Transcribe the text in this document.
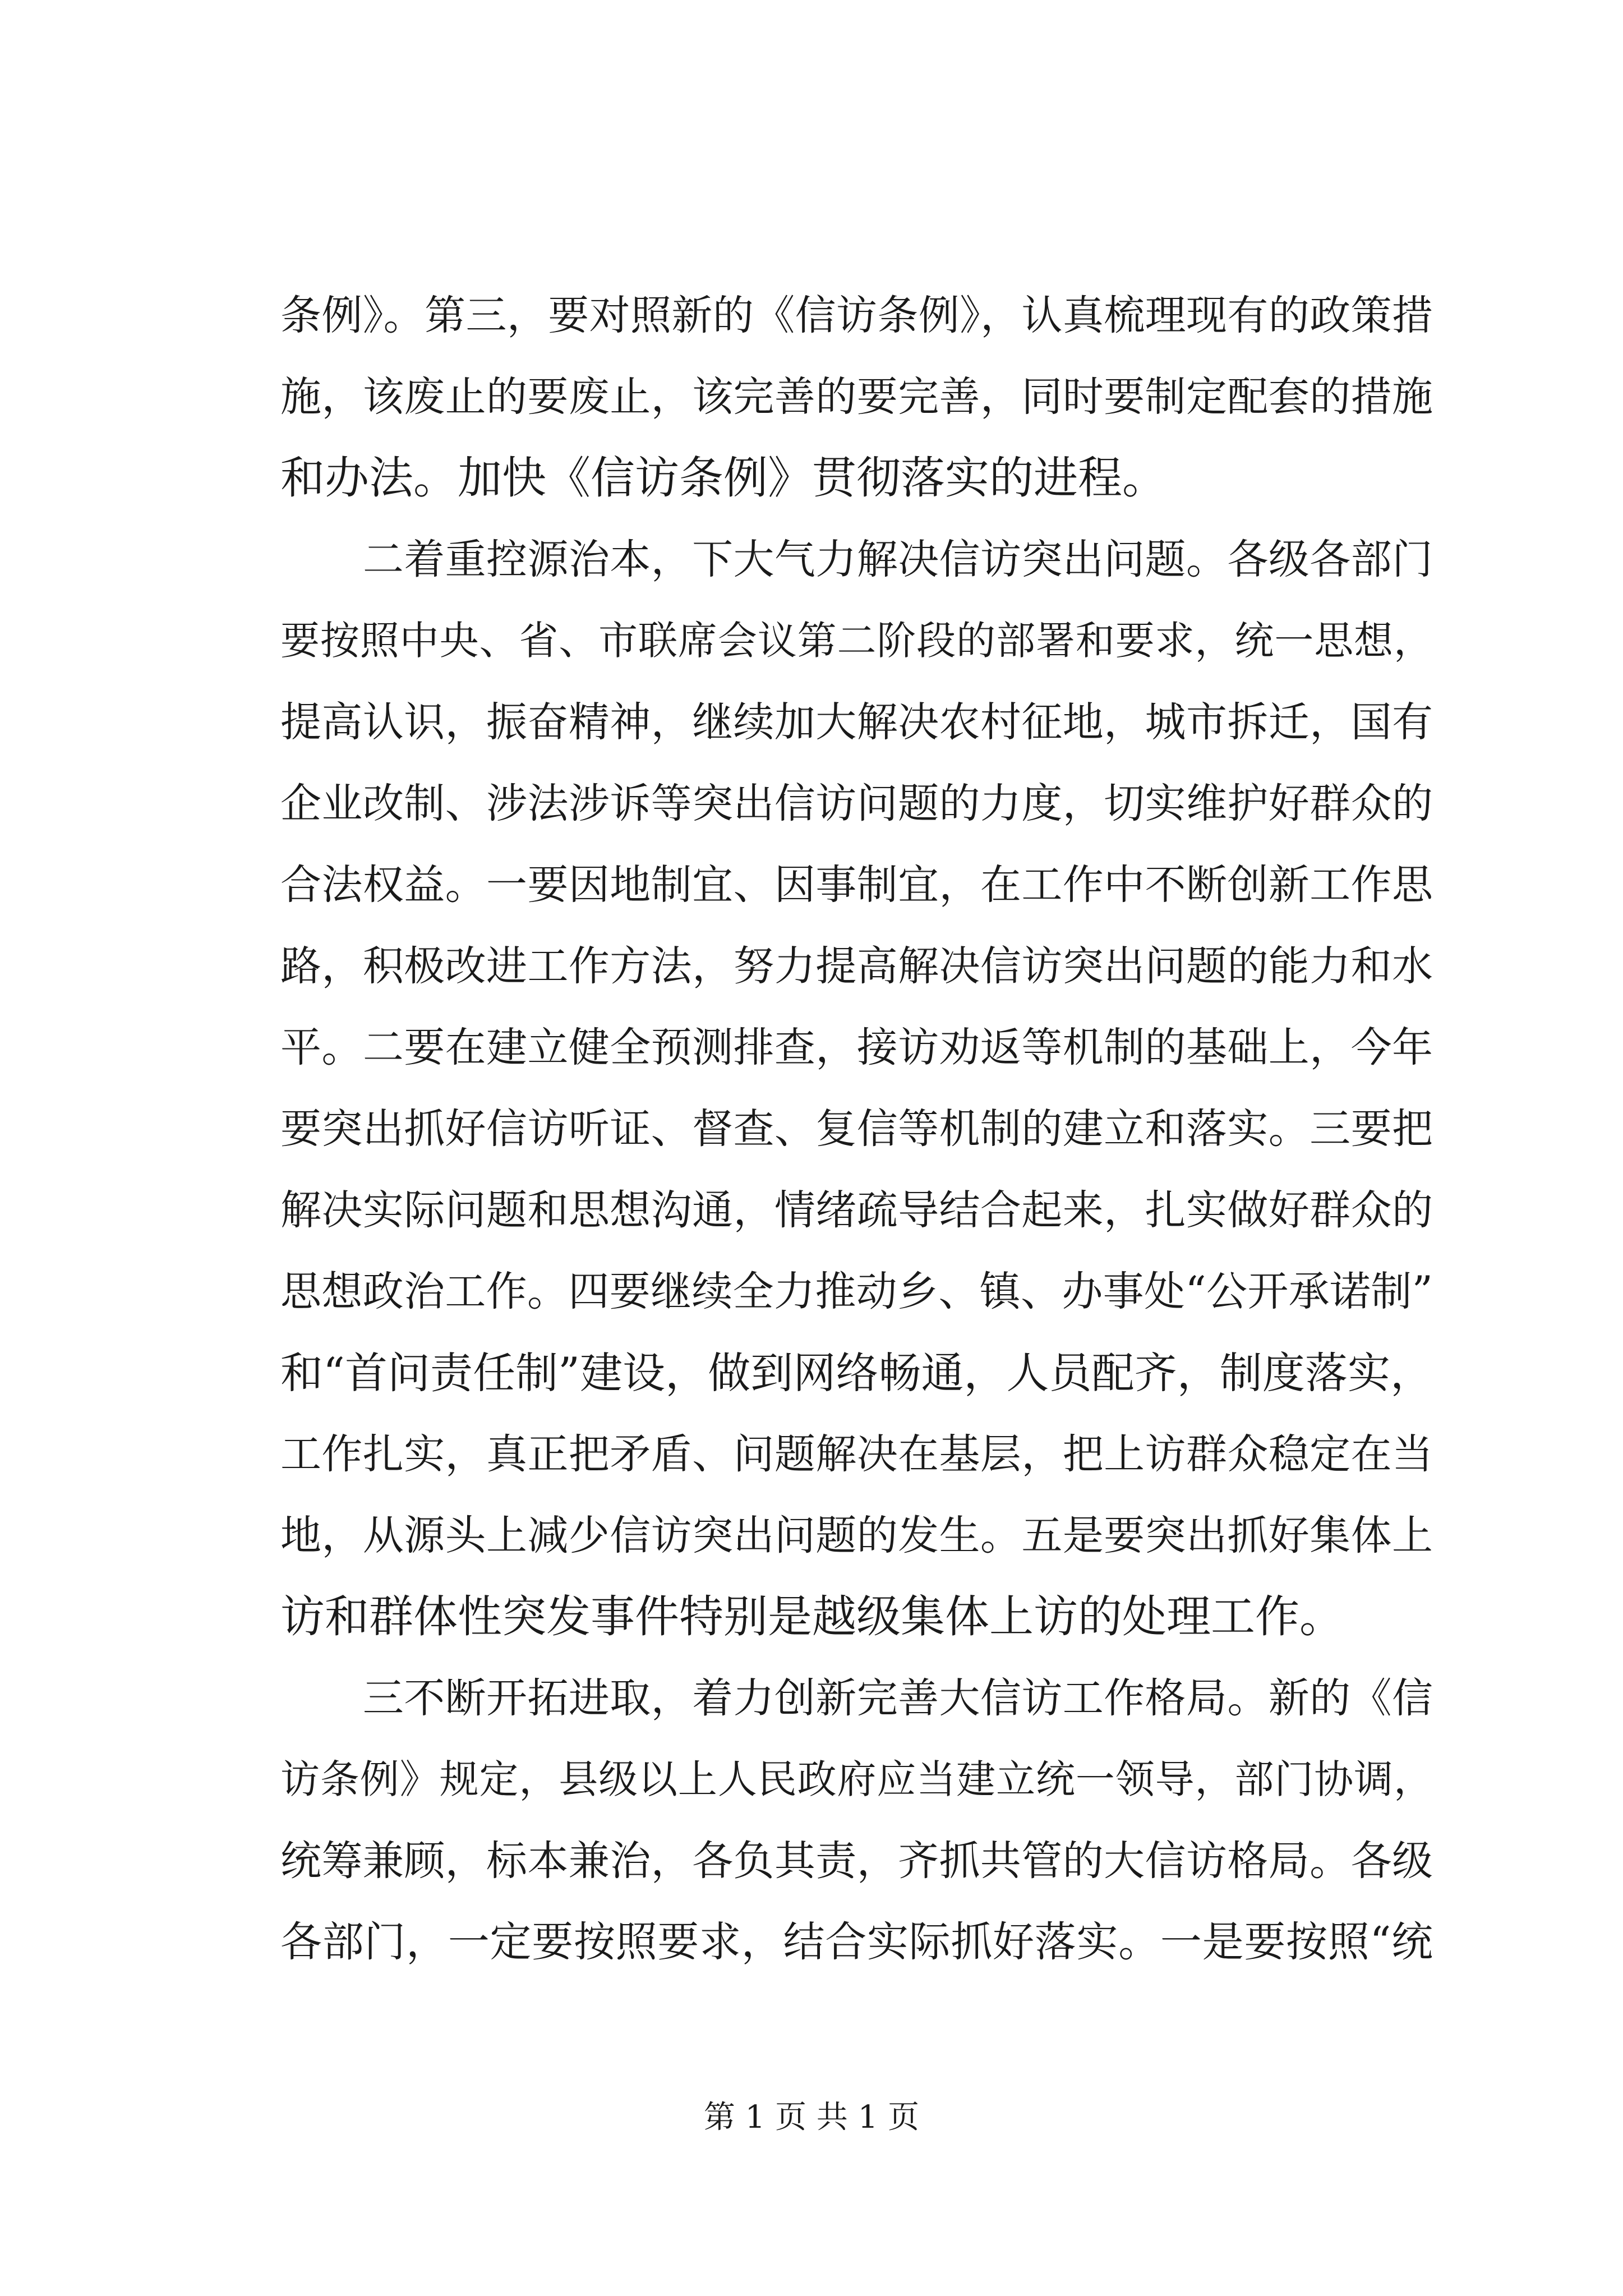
条例》。第三，要对照新的《信访条例》，认真梳理现有的政策措
施，该废止的要废止，该完善的要完善，同时要制定配套的措施
和办法。加快《信访条例》贯彻落实的进程。
　　二着重控源治本，下大气力解决信访突出问题。各级各部门
要按照中央、省、市联席会议第二阶段的部署和要求，统一思想，
提高认识，振奋精神，继续加大解决农村征地，城市拆迁，国有
企业改制、涉法涉诉等突出信访问题的力度，切实维护好群众的
合法权益。一要因地制宜、因事制宜，在工作中不断创新工作思
路，积极改进工作方法，努力提高解决信访突出问题的能力和水
平。二要在建立健全预测排查，接访劝返等机制的基础上，今年
要突出抓好信访听证、督查、复信等机制的建立和落实。三要把
解决实际问题和思想沟通，情绪疏导结合起来，扎实做好群众的
思想政治工作。四要继续全力推动乡、镇、办事处“公开承诺制”
和“首问责任制”建设，做到网络畅通，人员配齐，制度落实，
工作扎实，真正把矛盾、问题解决在基层，把上访群众稳定在当
地，从源头上减少信访突出问题的发生。五是要突出抓好集体上
访和群体性突发事件特别是越级集体上访的处理工作。
　　三不断开拓进取，着力创新完善大信访工作格局。新的《信
访条例》规定，县级以上人民政府应当建立统一领导，部门协调，
统筹兼顾，标本兼治，各负其责，齐抓共管的大信访格局。各级
各部门，一定要按照要求，结合实际抓好落实。一是要按照“统
第 1 页 共 1 页
